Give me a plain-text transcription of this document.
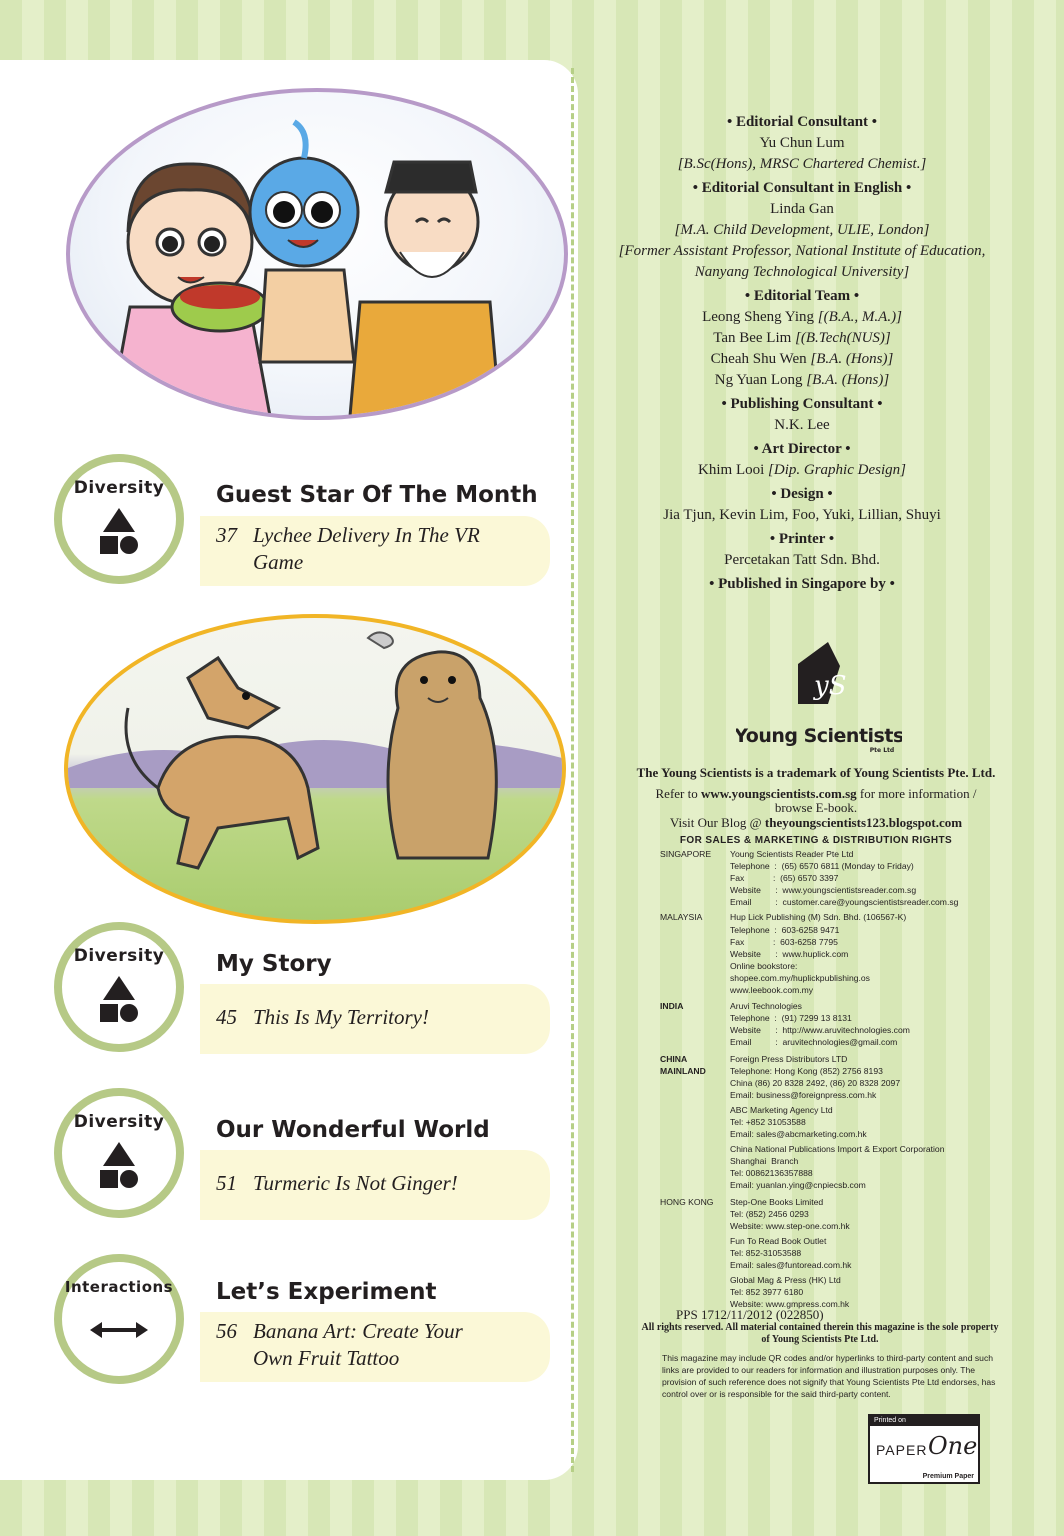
Diversity	Guest Star Of The Month
37 Lychee Delivery In The VR
Game
Diversity	My Story
45 This Is My Territory!
Diversity	Our Wonderful World
51 Turmeric Is Not Ginger!
Interactions Let’s Experiment
56 Banana Art: Create Your
Own Fruit Tattoo
• Editorial Consultant •
Yu Chun Lum
[B.Sc(Hons), MRSC Chartered Chemist.]
• Editorial Consultant in English •
Linda Gan
[M.A. Child Development, ULIE, London]
[Former Assistant Professor, National Institute of Education,
Nanyang Technological University]
• Editorial Team •
Leong Sheng Ying [(B.A., M.A.)]
Tan Bee Lim [(B.Tech(NUS)]
Cheah Shu Wen [B.A. (Hons)]
Ng Yuan Long [B.A. (Hons)]
• Publishing Consultant •
N.K. Lee
• Art Director •
Khim Looi [Dip. Graphic Design]
• Design •
Jia Tjun, Kevin Lim, Foo, Yuki, Lillian, Shuyi
• Printer •
Percetakan Tatt Sdn. Bhd.
• Published in Singapore by •
yS
Young Scientists
Pte Ltd
The Young Scientists is a trademark of Young Scientists Pte. Ltd.
Refer to www.youngscientists.com.sg for more information /
browse E-book.
Visit Our Blog @ theyoungscientists123.blogspot.com
FOR SALES & MARKETING & DISTRIBUTION RIGHTS
SINGAPORE	Young Scientists Reader Pte Ltd
Telephone  :  (65) 6570 6811 (Monday to Friday)
Fax            :  (65) 6570 3397
Website      :  www.youngscientistsreader.com.sg
Email          :  customer.care@youngscientistsreader.com.sg
MALAYSIA	Hup Lick Publishing (M) Sdn. Bhd. (106567-K)
Telephone  :  603-6258 9471
Fax            :  603-6258 7795
Website      :  www.huplick.com
Online bookstore:
shopee.com.my/huplickpublishing.os
www.leebook.com.my
INDIA	Aruvi Technologies
Telephone  :  (91) 7299 13 8131
Website      :  http://www.aruvitechnologies.com
Email          :  aruvitechnologies@gmail.com
CHINA
MAINLAND
Foreign Press Distributors LTD
Telephone: Hong Kong (852) 2756 8193
China (86) 20 8328 2492, (86) 20 8328 2097
Email: business@foreignpress.com.hk
ABC Marketing Agency Ltd
Tel: +852 31053588
Email: sales@abcmarketing.com.hk
China National Publications Import & Export Corporation
Shanghai  Branch
Tel: 00862136357888
Email: yuanlan.ying@cnpiecsb.com
HONG KONG	Step-One Books Limited
Tel: (852) 2456 0293
Website: www.step-one.com.hk
Fun To Read Book Outlet
Tel: 852-31053588
Email: sales@funtoread.com.hk
Global Mag & Press (HK) Ltd
Tel: 852 3977 6180
Website: www.gmpress.com.hk
PPS 1712/11/2012 (022850)
All rights reserved. All material contained therein this magazine is the sole property of Young Scientists Pte Ltd.
This magazine may include QR codes and/or hyperlinks to third-party content and such links are provided to our readers for information and illustration purposes only. The provision of such reference does not signify that Young Scientists Pte Ltd endorses, has control over or is responsible for the said third-party content.
Printed on
PAPER One
Premium Paper
